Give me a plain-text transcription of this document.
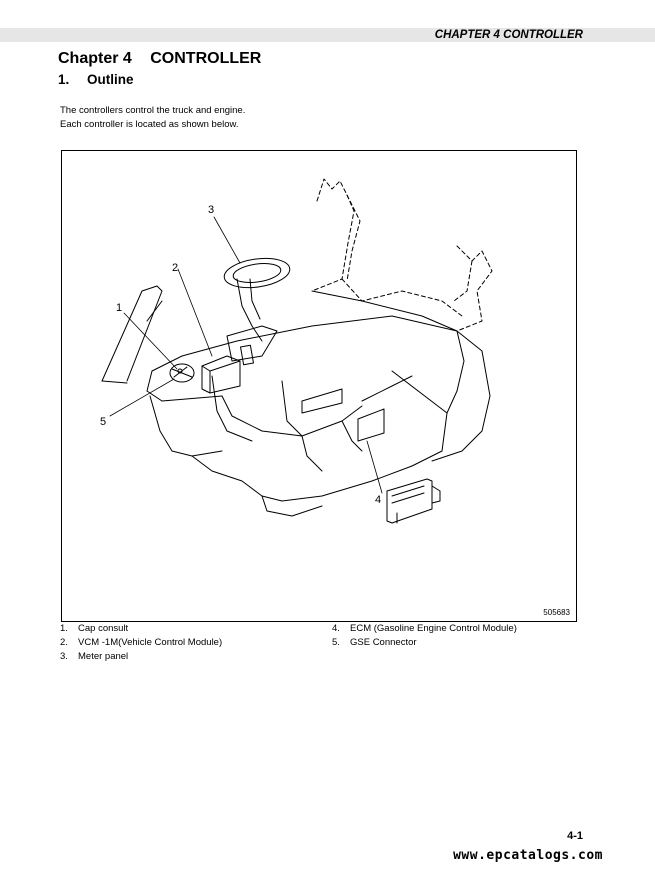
CHAPTER 4 CONTROLLER
Chapter 4 CONTROLLER
1. Outline
The controllers control the truck and engine.
Each controller is located as shown below.
1
2
3
4
5
505683
1. Cap consult
2. VCM -1M(Vehicle Control Module)
3. Meter panel
4. ECM (Gasoline Engine Control Module)
5. GSE Connector
4-1
www.epcatalogs.com
